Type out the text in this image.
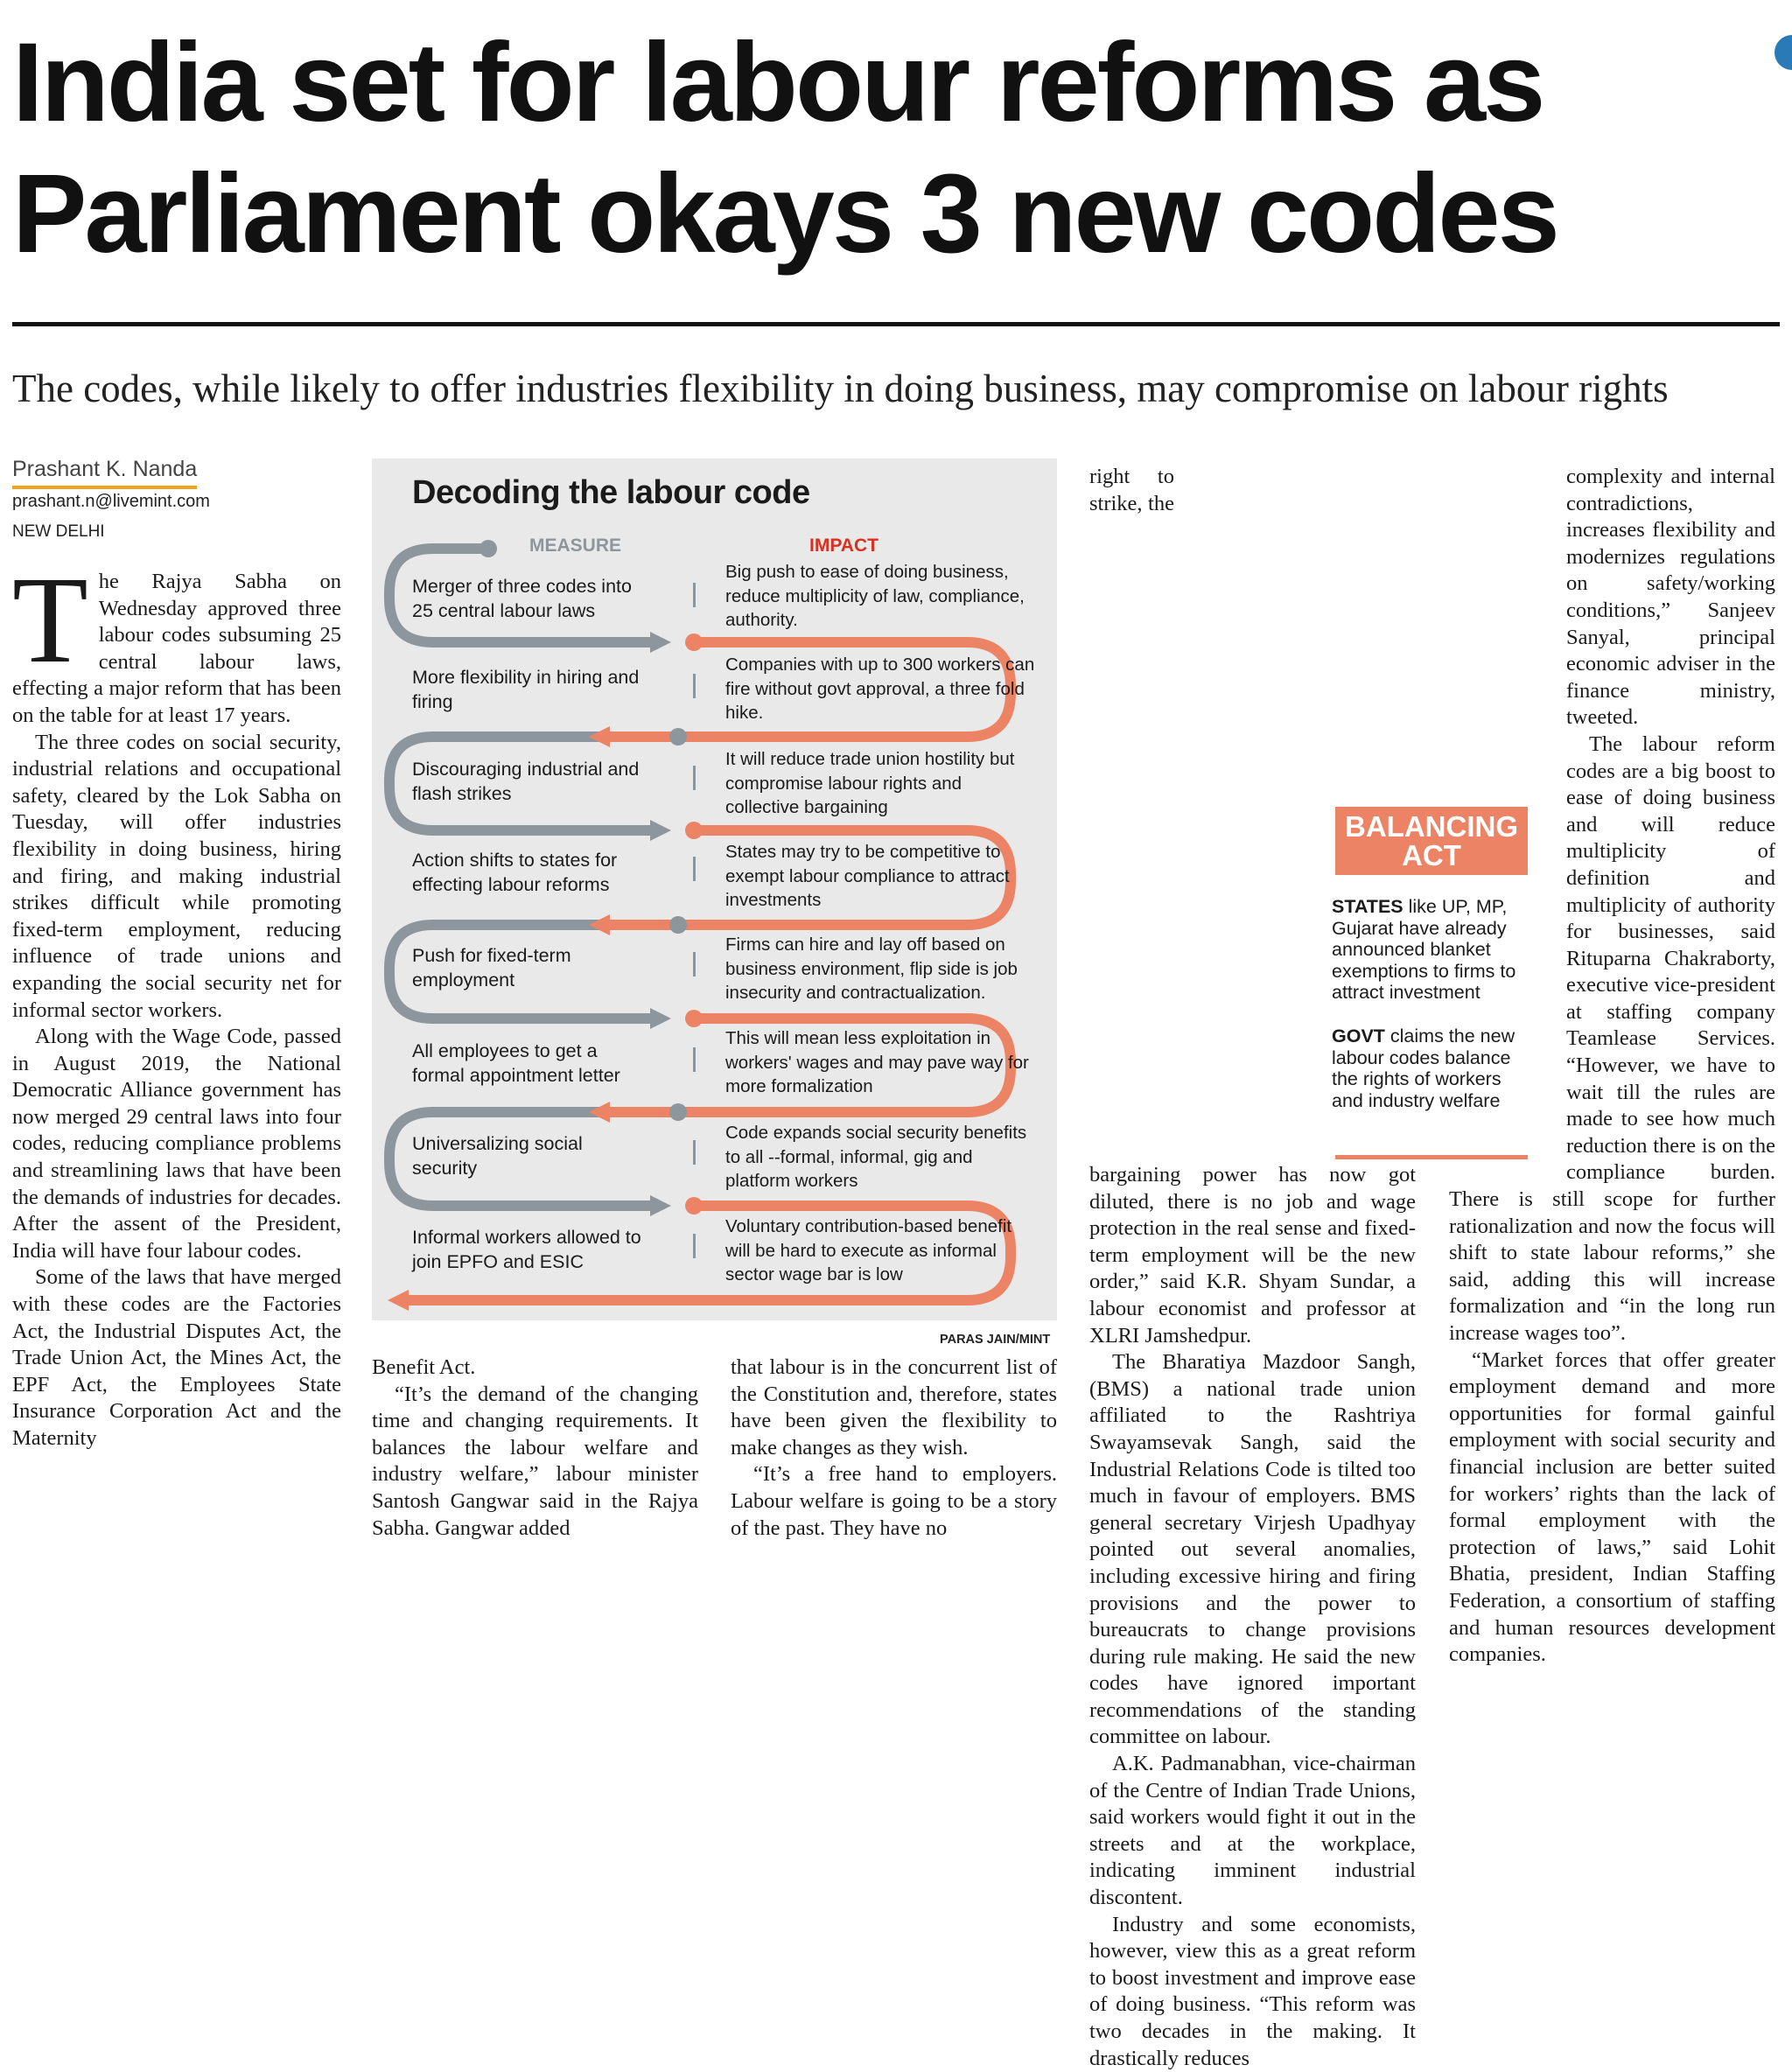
India set for labour reforms as Parliament okays 3 new codes
The codes, while likely to offer industries flexibility in doing business, may compromise on labour rights
Prashant K. Nanda
prashant.n@livemint.com
NEW DELHI

The Rajya Sabha on Wednesday approved three labour codes subsuming 25 central labour laws, effecting a major reform that has been on the table for at least 17 years.

The three codes on social security, industrial relations and occupational safety, cleared by the Lok Sabha on Tuesday, will offer industries flexibility in doing business, hiring and firing, and making industrial strikes difficult while promoting fixed-term employment, reducing influence of trade unions and expanding the social security net for informal sector workers.

Along with the Wage Code, passed in August 2019, the National Democratic Alliance government has now merged 29 central laws into four codes, reducing compliance problems and streamlining laws that have been the demands of industries for decades. After the assent of the President, India will have four labour codes.

Some of the laws that have merged with these codes are the Factories Act, the Industrial Disputes Act, the Trade Union Act, the Mines Act, the EPF Act, the Employees State Insurance Corporation Act and the Maternity

Decoding the labour code
MEASURE	IMPACT
Merger of three codes into 25 central labour laws
Big push to ease of doing business, reduce multiplicity of law, compliance, authority.
More flexibility in hiring and firing
Companies with up to 300 workers can fire without govt approval, a three fold hike.
Discouraging industrial and flash strikes
It will reduce trade union hostility but compromise labour rights and collective bargaining
Action shifts to states for effecting labour reforms
States may try to be competitive to exempt labour compliance to attract investments
Push for fixed-term employment
Firms can hire and lay off based on business environment, flip side is job insecurity and contractualization.
All employees to get a formal appointment letter
This will mean less exploitation in workers' wages and may pave way for more formalization
Universalizing social security
Code expands social security benefits to all --formal, informal, gig and platform workers
Informal workers allowed to join EPFO and ESIC
Voluntary contribution-based benefit will be hard to execute as informal sector wage bar is low
PARAS JAIN/MINT

Benefit Act.

“It’s the demand of the changing time and changing requirements. It balances the labour welfare and industry welfare,” labour minister Santosh Gangwar said in the Rajya Sabha. Gangwar added

that labour is in the concurrent list of the Constitution and, therefore, states have been given the flexibility to make changes as they wish.

“It’s a free hand to employers. Labour welfare is going to be a story of the past. They have no

right to strike, the bargaining power has now got diluted, there is no job and wage protection in the real sense and fixed-term employment will be the new order,” said K.R. Shyam Sundar, a labour economist and professor at XLRI Jamshedpur.

The Bharatiya Mazdoor Sangh, (BMS) a national trade union affiliated to the Rashtriya Swayamsevak Sangh, said the Industrial Relations Code is tilted too much in favour of employers. BMS general secretary Virjesh Upadhyay pointed out several anomalies, including excessive hiring and firing provisions and the power to bureaucrats to change provisions during rule making. He said the new codes have ignored important recommendations of the standing committee on labour.

A.K. Padmanabhan, vice-chairman of the Centre of Indian Trade Unions, said workers would fight it out in the streets and at the workplace, indicating imminent industrial discontent.

Industry and some economists, however, view this as a great reform to boost investment and improve ease of doing business. “This reform was two decades in the making. It drastically reduces

complexity and internal contradictions, increases flexibility and modernizes regulations on safety/working conditions,” Sanjeev Sanyal, principal economic adviser in the finance ministry, tweeted.

The labour reform codes are a big boost to ease of doing business and will reduce multiplicity of definition and multiplicity of authority for businesses, said Rituparna Chakraborty, executive vice-president at staffing company Teamlease Services. “However, we have to wait till the rules are made to see how much reduction there is on the compliance burden. There is still scope for further rationalization and now the focus will shift to state labour reforms,” she said, adding this will increase formalization and “in the long run increase wages too”.

“Market forces that offer greater employment demand and more opportunities for formal gainful employment with social security and financial inclusion are better suited for workers’ rights than the lack of formal employment with the protection of laws,” said Lohit Bhatia, president, Indian Staffing Federation, a consortium of staffing and human resources development companies.

BALANCING ACT
STATES like UP, MP, Gujarat have already announced blanket exemptions to firms to attract investment
GOVT claims the new labour codes balance the rights of workers and industry welfare
